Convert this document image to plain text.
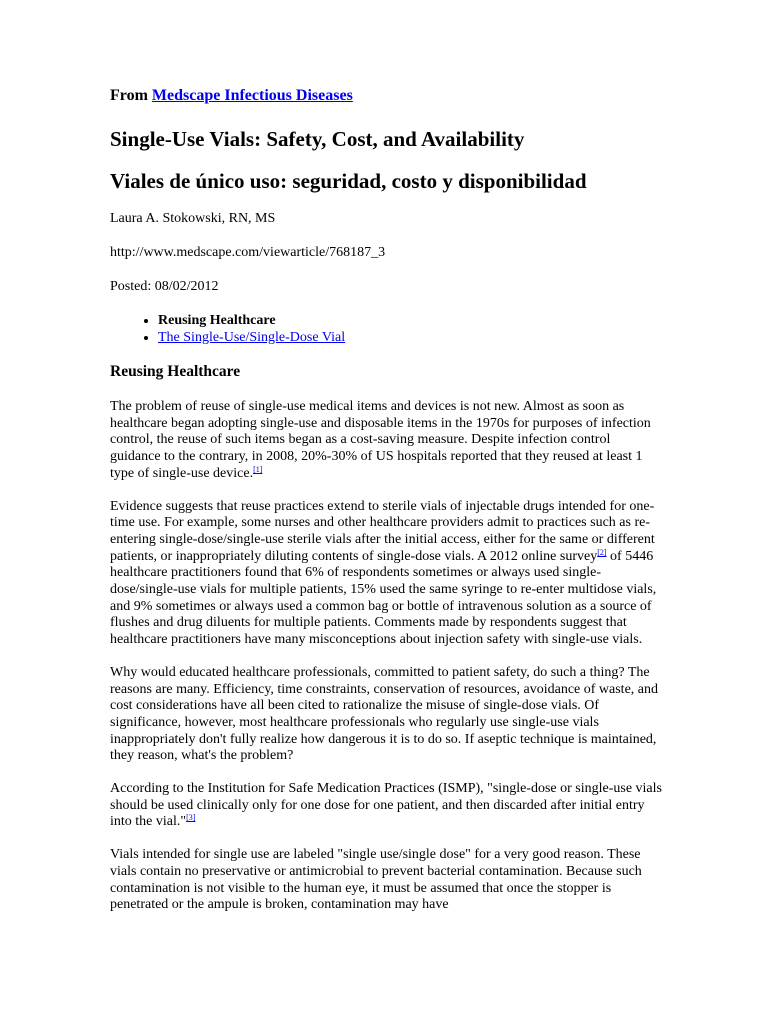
From Medscape Infectious Diseases

Single-Use Vials: Safety, Cost, and Availability
Viales de único uso: seguridad, costo y disponibilidad

Laura A. Stokowski, RN, MS

http://www.medscape.com/viewarticle/768187_3

Posted: 08/02/2012

• Reusing Healthcare
• The Single-Use/Single-Dose Vial
Reusing Healthcare

The problem of reuse of single-use medical items and devices is not new. Almost as soon as healthcare began adopting single-use and disposable items in the 1970s for purposes of infection control, the reuse of such items began as a cost-saving measure. Despite infection control guidance to the contrary, in 2008, 20%-30% of US hospitals reported that they reused at least 1 type of single-use device.[1]

Evidence suggests that reuse practices extend to sterile vials of injectable drugs intended for one-time use. For example, some nurses and other healthcare providers admit to practices such as re-entering single-dose/single-use sterile vials after the initial access, either for the same or different patients, or inappropriately diluting contents of single-dose vials. A 2012 online survey[2] of 5446 healthcare practitioners found that 6% of respondents sometimes or always used single-dose/single-use vials for multiple patients, 15% used the same syringe to re-enter multidose vials, and 9% sometimes or always used a common bag or bottle of intravenous solution as a source of flushes and drug diluents for multiple patients. Comments made by respondents suggest that healthcare practitioners have many misconceptions about injection safety with single-use vials.

Why would educated healthcare professionals, committed to patient safety, do such a thing? The reasons are many. Efficiency, time constraints, conservation of resources, avoidance of waste, and cost considerations have all been cited to rationalize the misuse of single-dose vials. Of significance, however, most healthcare professionals who regularly use single-use vials inappropriately don't fully realize how dangerous it is to do so. If aseptic technique is maintained, they reason, what's the problem?

According to the Institution for Safe Medication Practices (ISMP), "single-dose or single-use vials should be used clinically only for one dose for one patient, and then discarded after initial entry into the vial."[3]

Vials intended for single use are labeled "single use/single dose" for a very good reason. These vials contain no preservative or antimicrobial to prevent bacterial contamination. Because such contamination is not visible to the human eye, it must be assumed that once the stopper is penetrated or the ampule is broken, contamination may have
